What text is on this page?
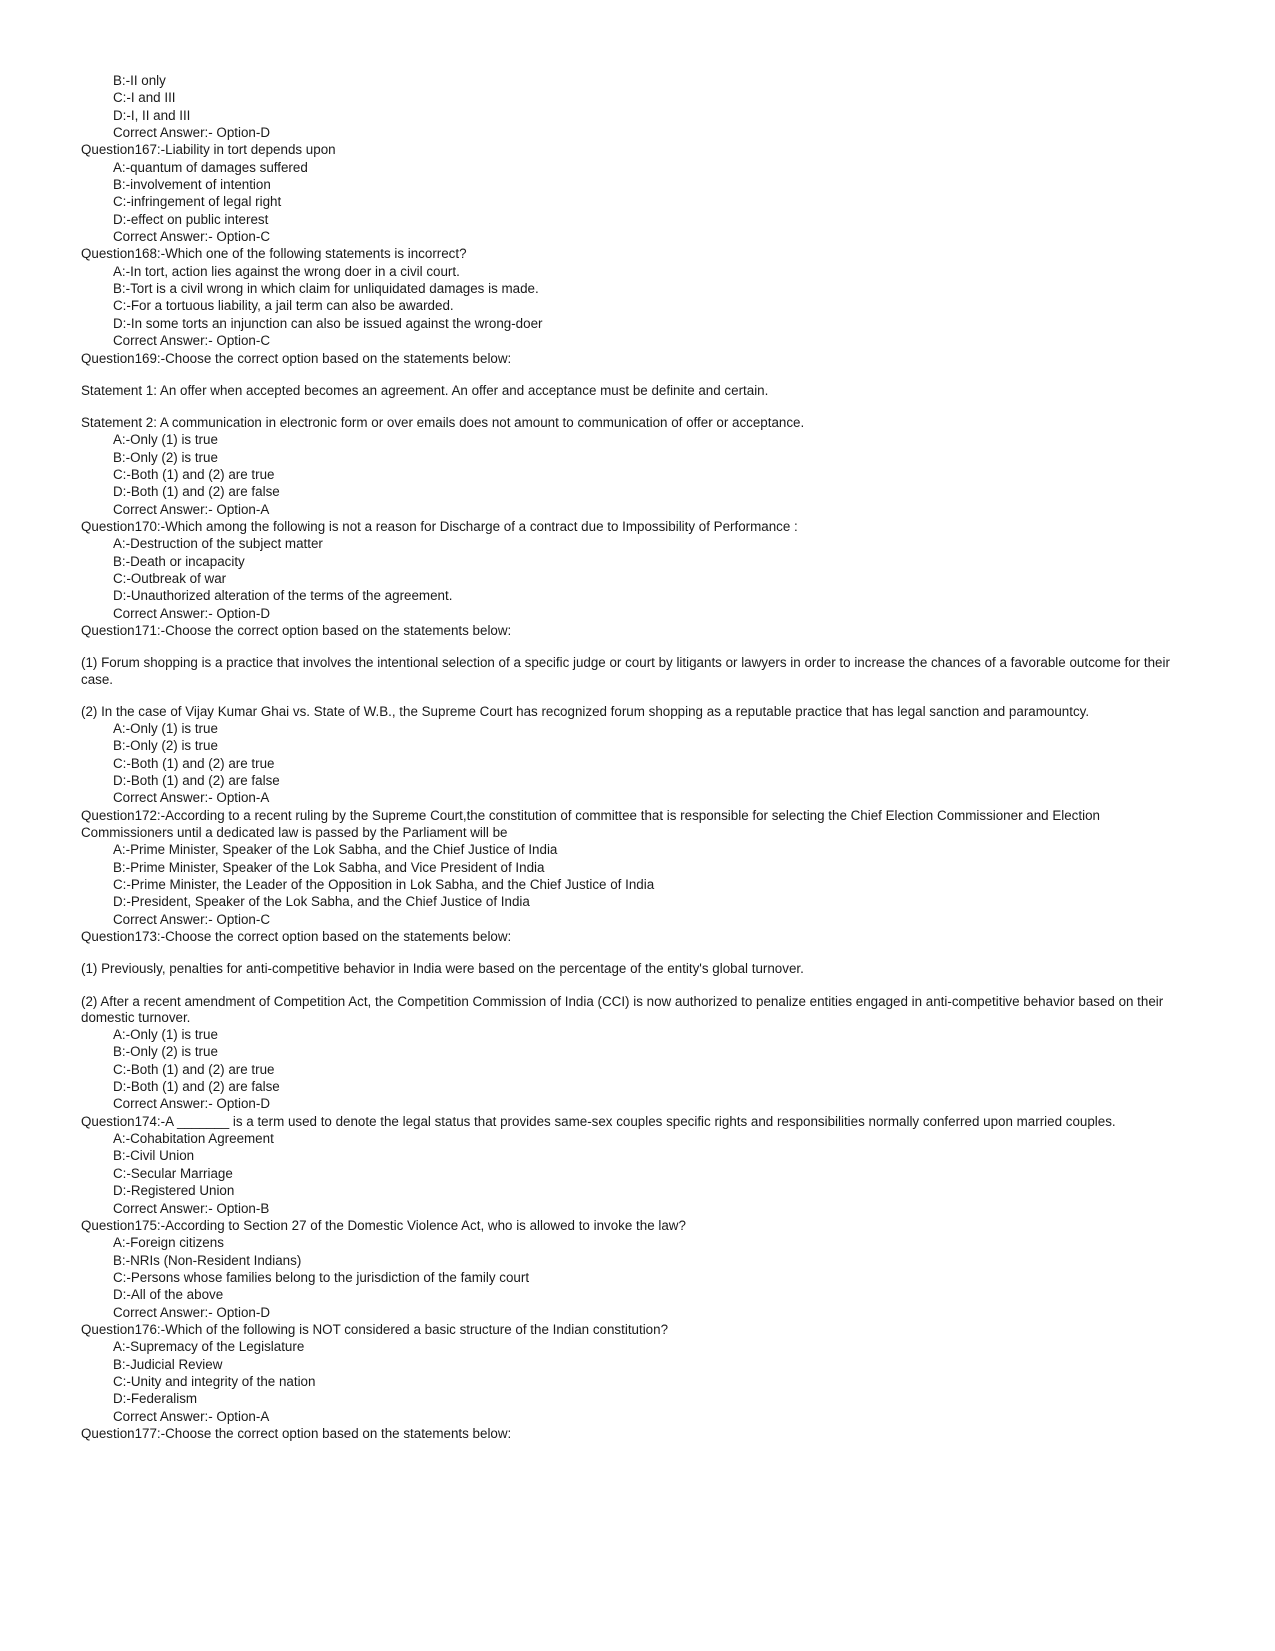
B:-II only
C:-I and III
D:-I, II and III
Correct Answer:- Option-D
Question167:-Liability in tort depends upon
A:-quantum of damages suffered
B:-involvement of intention
C:-infringement of legal right
D:-effect on public interest
Correct Answer:- Option-C
Question168:-Which one of the following statements is incorrect?
A:-In tort, action lies against the wrong doer in a civil court.
B:-Tort is a civil wrong in which claim for unliquidated damages is made.
C:-For a tortuous liability, a jail term can also be awarded.
D:-In some torts an injunction can also be issued against the wrong-doer
Correct Answer:- Option-C
Question169:-Choose the correct option based on the statements below:
Statement 1: An offer when accepted becomes an agreement. An offer and acceptance must be definite and certain.
Statement 2: A communication in electronic form or over emails does not amount to communication of offer or acceptance.
A:-Only (1) is true
B:-Only (2) is true
C:-Both (1) and (2) are true
D:-Both (1) and (2) are false
Correct Answer:- Option-A
Question170:-Which among the following is not a reason for Discharge of a contract due to Impossibility of Performance :
A:-Destruction of the subject matter
B:-Death or incapacity
C:-Outbreak of war
D:-Unauthorized alteration of the terms of the agreement.
Correct Answer:- Option-D
Question171:-Choose the correct option based on the statements below:
(1) Forum shopping is a practice that involves the intentional selection of a specific judge or court by litigants or lawyers in order to increase the chances of a favorable outcome for their case.
(2) In the case of Vijay Kumar Ghai vs. State of W.B., the Supreme Court has recognized forum shopping as a reputable practice that has legal sanction and paramountcy.
A:-Only (1) is true
B:-Only (2) is true
C:-Both (1) and (2) are true
D:-Both (1) and (2) are false
Correct Answer:- Option-A
Question172:-According to a recent ruling by the Supreme Court,the constitution of committee that is responsible for selecting the Chief Election Commissioner and Election Commissioners until a dedicated law is passed by the Parliament will be
A:-Prime Minister, Speaker of the Lok Sabha, and the Chief Justice of India
B:-Prime Minister, Speaker of the Lok Sabha, and Vice President of India
C:-Prime Minister, the Leader of the Opposition in Lok Sabha, and the Chief Justice of India
D:-President, Speaker of the Lok Sabha, and the Chief Justice of India
Correct Answer:- Option-C
Question173:-Choose the correct option based on the statements below:
(1) Previously, penalties for anti-competitive behavior in India were based on the percentage of the entity's global turnover.
(2) After a recent amendment of Competition Act, the Competition Commission of India (CCI) is now authorized to penalize entities engaged in anti-competitive behavior based on their domestic turnover.
A:-Only (1) is true
B:-Only (2) is true
C:-Both (1) and (2) are true
D:-Both (1) and (2) are false
Correct Answer:- Option-D
Question174:-A _______ is a term used to denote the legal status that provides same-sex couples specific rights and responsibilities normally conferred upon married couples.
A:-Cohabitation Agreement
B:-Civil Union
C:-Secular Marriage
D:-Registered Union
Correct Answer:- Option-B
Question175:-According to Section 27 of the Domestic Violence Act, who is allowed to invoke the law?
A:-Foreign citizens
B:-NRIs (Non-Resident Indians)
C:-Persons whose families belong to the jurisdiction of the family court
D:-All of the above
Correct Answer:- Option-D
Question176:-Which of the following is NOT considered a basic structure of the Indian constitution?
A:-Supremacy of the Legislature
B:-Judicial Review
C:-Unity and integrity of the nation
D:-Federalism
Correct Answer:- Option-A
Question177:-Choose the correct option based on the statements below:
